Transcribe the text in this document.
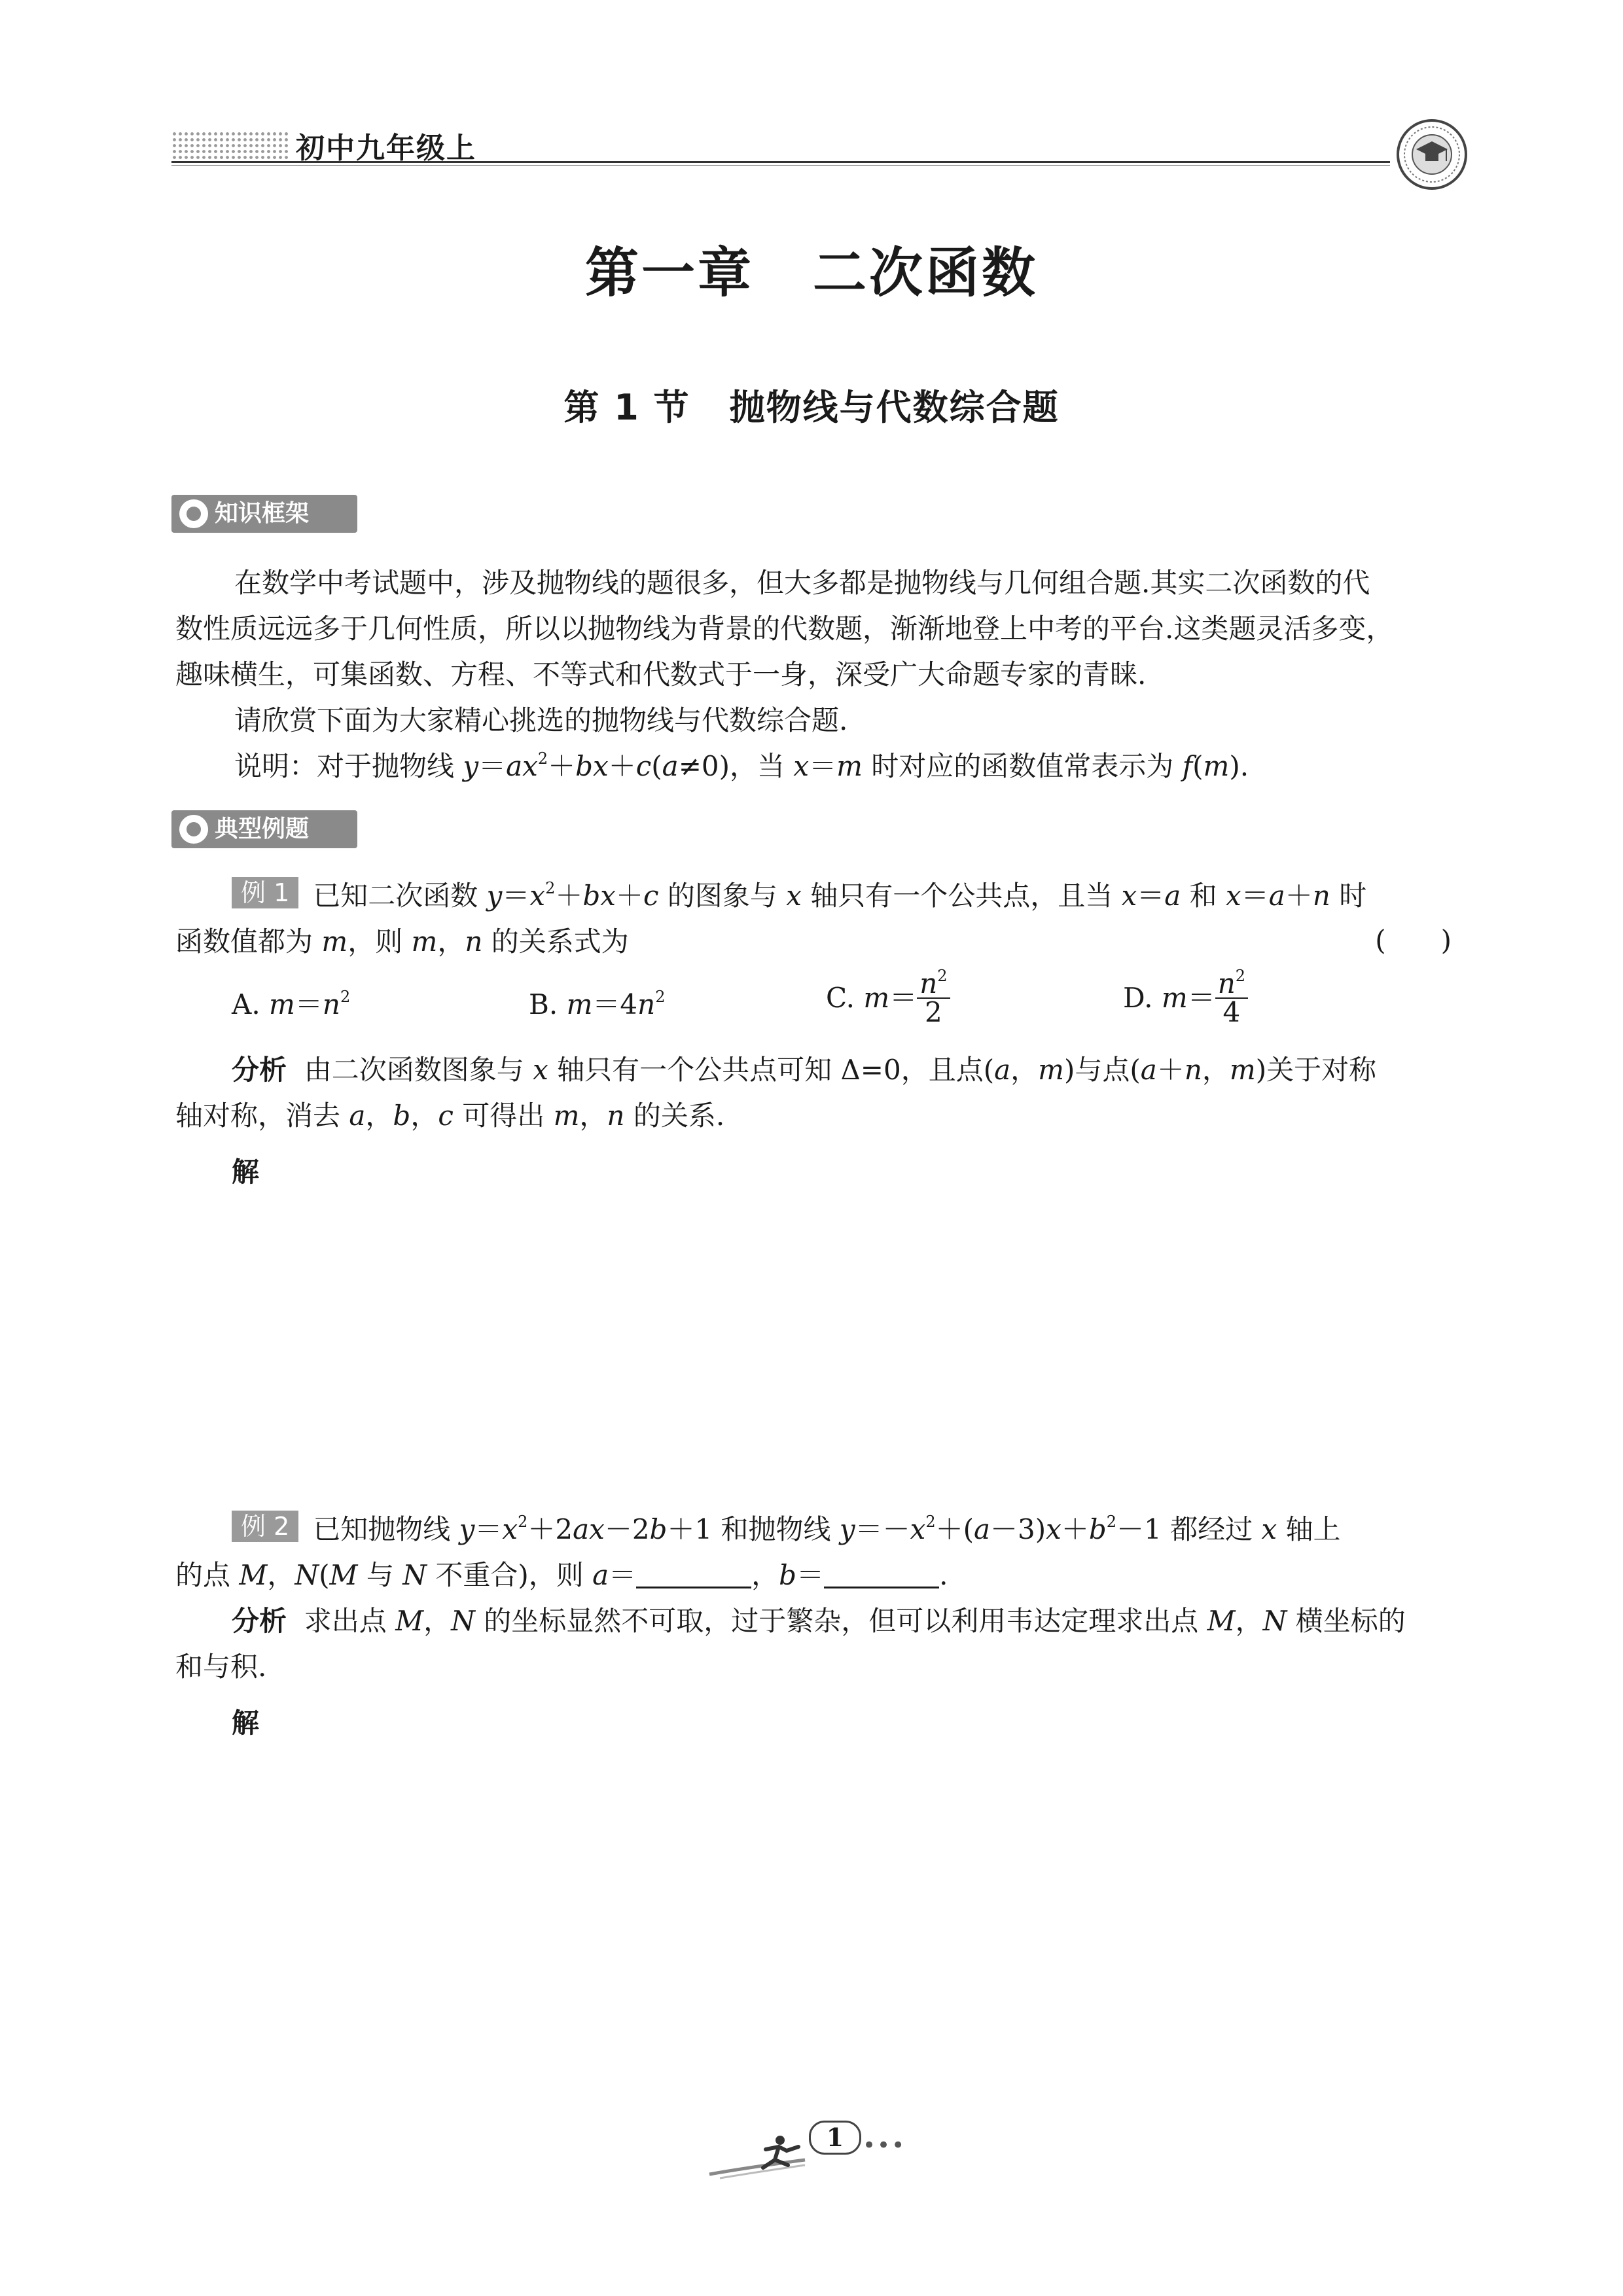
初中九年级上
第一章 二次函数
第 1 节 抛物线与代数综合题
知识框架
在数学中考试题中，涉及抛物线的题很多，但大多都是抛物线与几何组合题.其实二次函数的代
数性质远远多于几何性质，所以以抛物线为背景的代数题，渐渐地登上中考的平台.这类题灵活多变，
趣味横生，可集函数、方程、不等式和代数式于一身，深受广大命题专家的青睐.
请欣赏下面为大家精心挑选的抛物线与代数综合题.
说明：对于抛物线 $y=ax^2+bx+c(a\ne 0)$，当 x＝m 时对应的函数值常表示为 f(m).
典型例题
例 1 已知二次函数 $y=x^2+bx+c$ 的图象与 x 轴只有一个公共点，且当 x＝a 和 x＝a＋n 时
函数值都为 m，则 m，n 的关系式为	(　　)
A. $m=n^2$	B. $m=4n^2$	C. $m= \frac{n^2}{2}$	D. $m= \frac{n^2}{4}$
分析 由二次函数图象与 x 轴只有一个公共点可知 Δ=0，且点(a，m)与点(a＋n，m)关于对称
轴对称，消去 a，b，c 可得出 m，n 的关系.
解
例 2 已知抛物线 $y=x^2+2ax-2b+1$ 和抛物线 $y=-x^2+(a-3)x+b^2-1$ 都经过 x 轴上
的点 M，N(M 与 N 不重合)，则 a＝	，b＝	.
分析 求出点 M，N 的坐标显然不可取，过于繁杂，但可以利用韦达定理求出点 M，N 横坐标的
和与积.
解
1 •••
